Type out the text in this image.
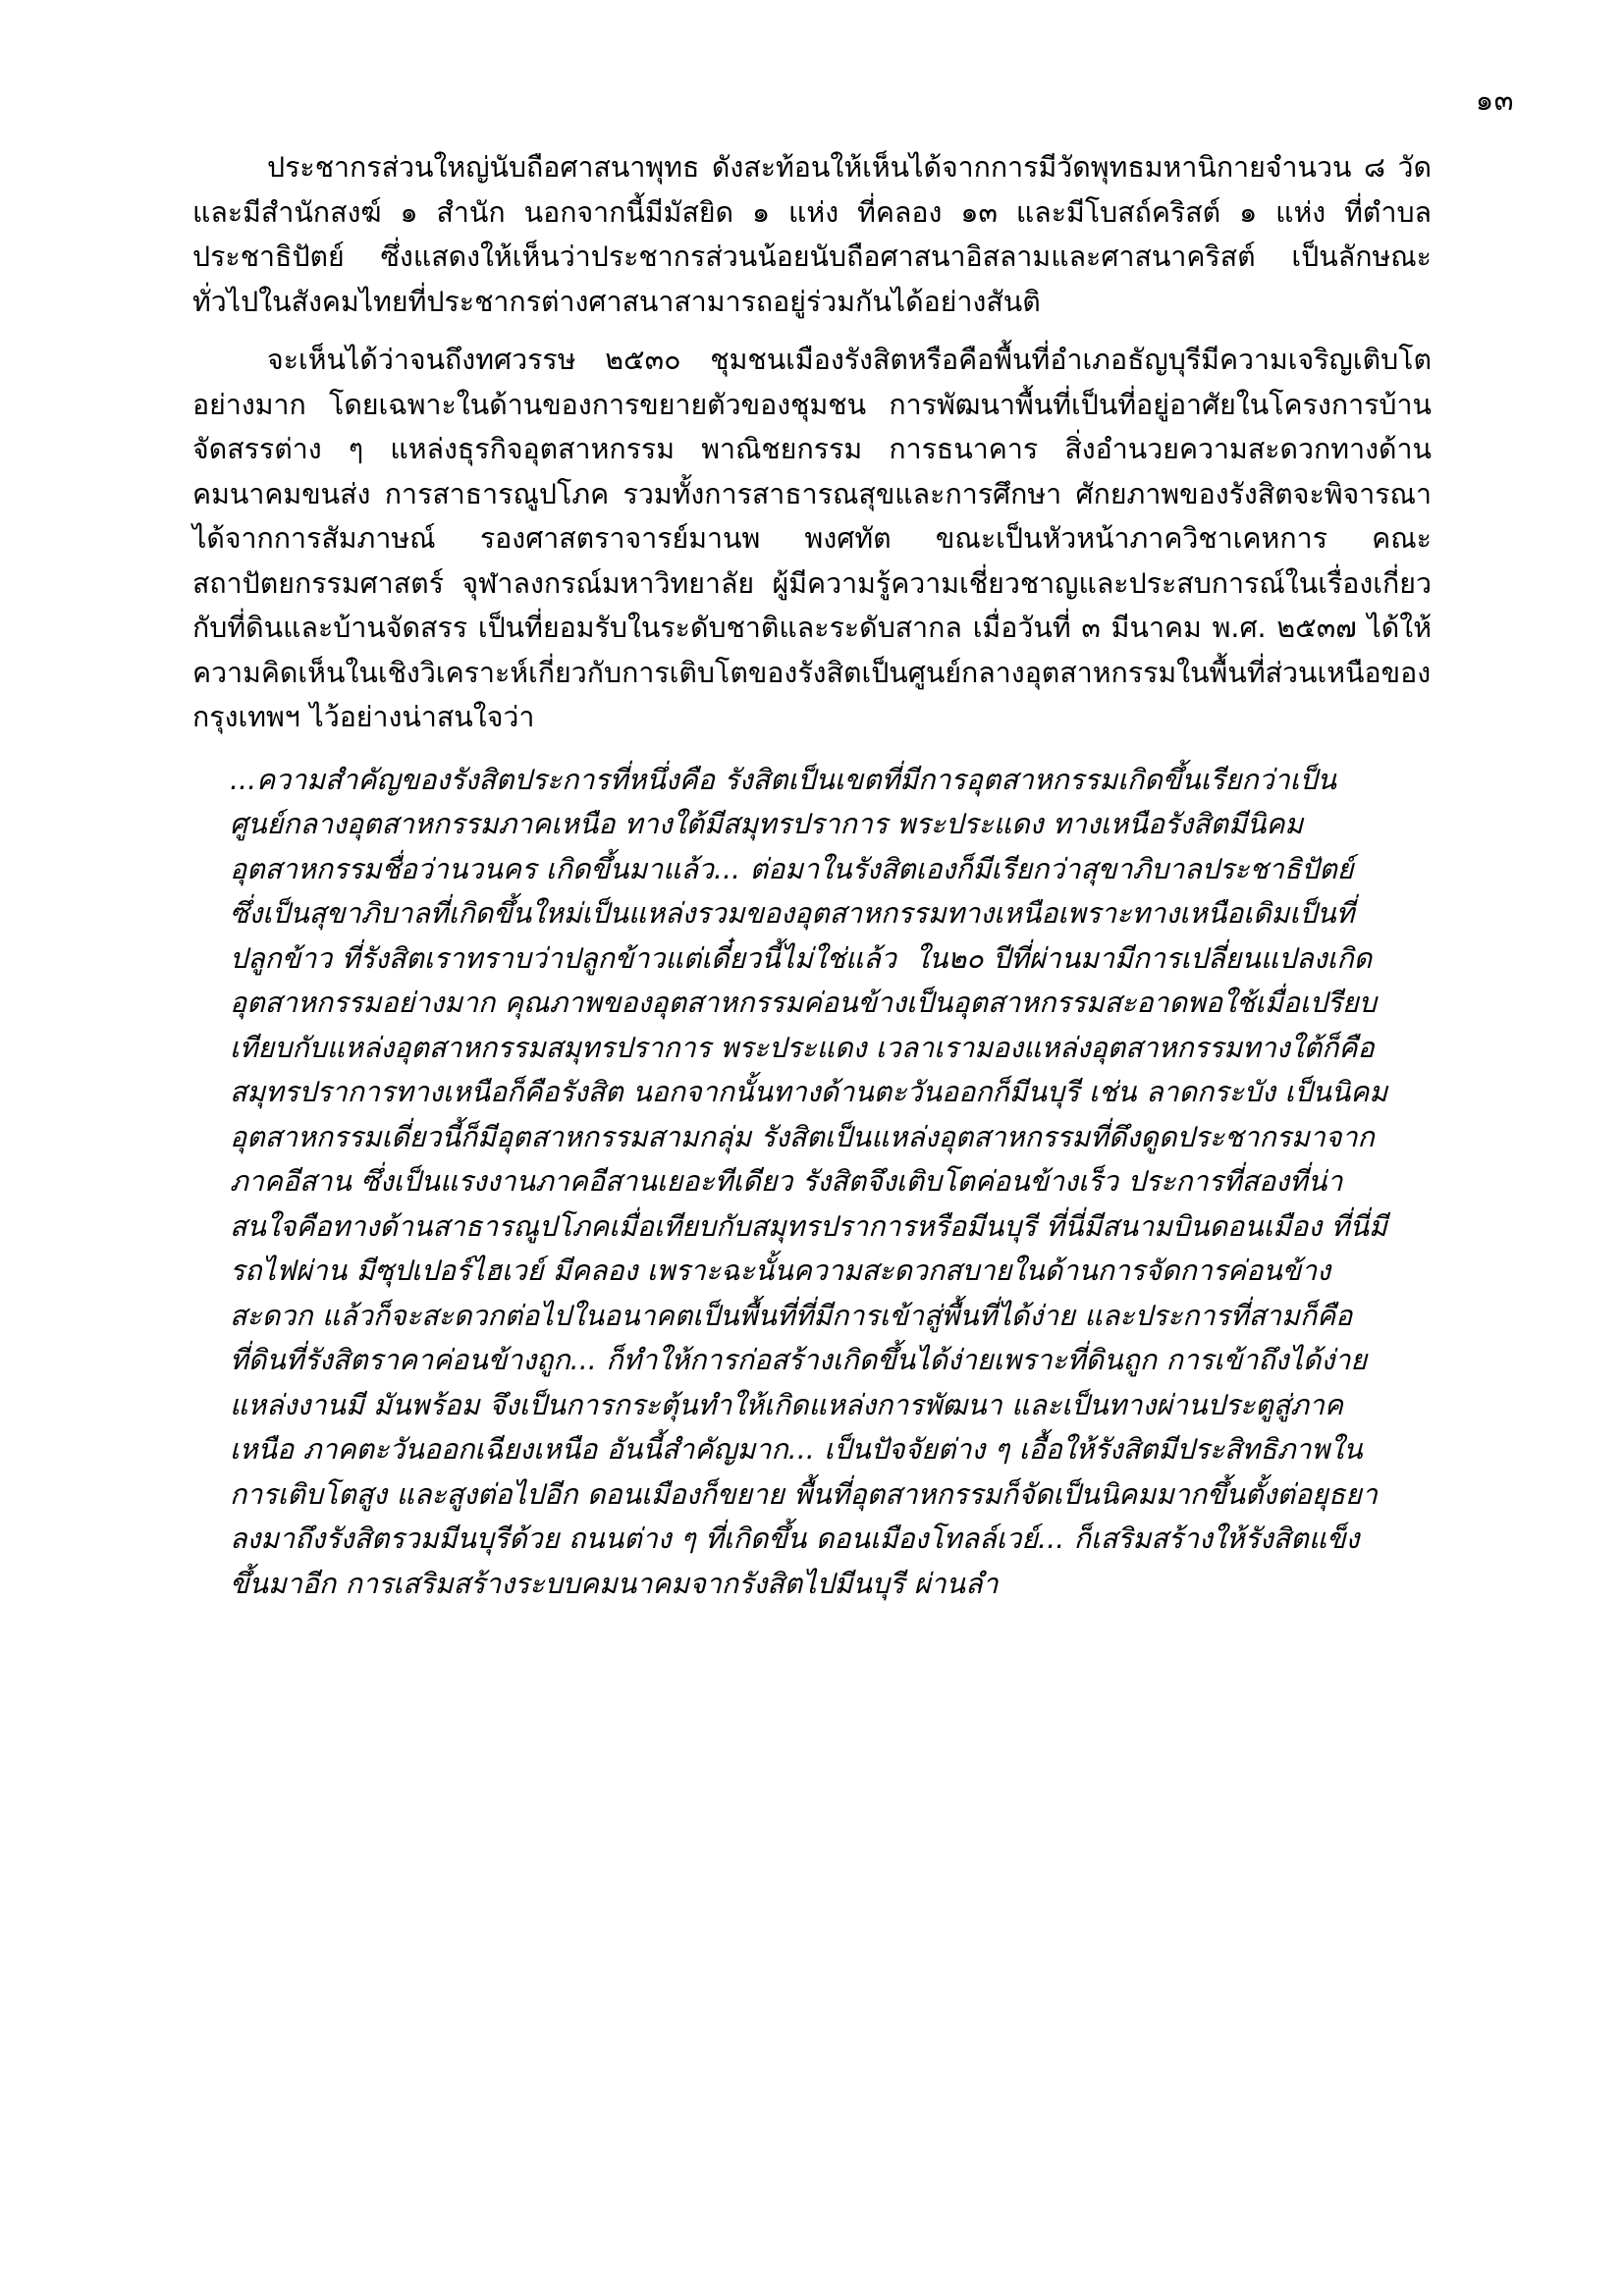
๑๓

ประชากรส่วนใหญ่นับถือศาสนาพุทธ ดังสะท้อนให้เห็นได้จากการมีวัดพุทธมหานิกายจำนวน ๘ วัด และมีสำนักสงฆ์ ๑ สำนัก นอกจากนี้มีมัสยิด ๑ แห่ง ที่คลอง ๑๓ และมีโบสถ์คริสต์ ๑ แห่ง ที่ตำบลประชาธิปัตย์ ซึ่งแสดงให้เห็นว่าประชากรส่วนน้อยนับถือศาสนาอิสลามและศาสนาคริสต์ เป็นลักษณะทั่วไปในสังคมไทยที่ประชากรต่างศาสนาสามารถอยู่ร่วมกันได้อย่างสันติ

จะเห็นได้ว่าจนถึงทศวรรษ ๒๕๓๐ ชุมชนเมืองรังสิตหรือคือพื้นที่อำเภอธัญบุรีมีความเจริญเติบโตอย่างมาก โดยเฉพาะในด้านของการขยายตัวของชุมชน การพัฒนาพื้นที่เป็นที่อยู่อาศัยในโครงการบ้านจัดสรรต่าง ๆ แหล่งธุรกิจอุตสาหกรรม พาณิชยกรรม การธนาคาร สิ่งอำนวยความสะดวกทางด้านคมนาคมขนส่ง การสาธารณูปโภค รวมทั้งการสาธารณสุขและการศึกษา ศักยภาพของรังสิตจะพิจารณาได้จากการสัมภาษณ์ รองศาสตราจารย์มานพ พงศทัต ขณะเป็นหัวหน้าภาควิชาเคหการ คณะสถาปัตยกรรมศาสตร์ จุฬาลงกรณ์มหาวิทยาลัย ผู้มีความรู้ความเชี่ยวชาญและประสบการณ์ในเรื่องเกี่ยวกับที่ดินและบ้านจัดสรร เป็นที่ยอมรับในระดับชาติและระดับสากล เมื่อวันที่ ๓ มีนาคม พ.ศ. ๒๕๓๗ ได้ให้ความคิดเห็นในเชิงวิเคราะห์เกี่ยวกับการเติบโตของรังสิตเป็นศูนย์กลางอุตสาหกรรมในพื้นที่ส่วนเหนือของกรุงเทพฯ ไว้อย่างน่าสนใจว่า

...ความสำคัญของรังสิตประการที่หนึ่งคือ รังสิตเป็นเขตที่มีการอุตสาหกรรมเกิดขึ้นเรียกว่าเป็นศูนย์กลางอุตสาหกรรมภาคเหนือ ทางใต้มีสมุทรปราการ พระประแดง ทางเหนือรังสิตมีนิคมอุตสาหกรรมชื่อว่านวนคร เกิดขึ้นมาแล้ว... ต่อมาในรังสิตเองก็มีเรียกว่าสุขาภิบาลประชาธิปัตย์ ซึ่งเป็นสุขาภิบาลที่เกิดขึ้นใหม่เป็นแหล่งรวมของอุตสาหกรรมทางเหนือเพราะทางเหนือเดิมเป็นที่ปลูกข้าว ที่รังสิตเราทราบว่าปลูกข้าวแต่เดี๋ยวนี้ไม่ใช่แล้ว  ใน๒๐ ปีที่ผ่านมามีการเปลี่ยนแปลงเกิดอุตสาหกรรมอย่างมาก คุณภาพของอุตสาหกรรมค่อนข้างเป็นอุตสาหกรรมสะอาดพอใช้เมื่อเปรียบเทียบกับแหล่งอุตสาหกรรมสมุทรปราการ พระประแดง เวลาเรามองแหล่งอุตสาหกรรมทางใต้ก็คือสมุทรปราการทางเหนือก็คือรังสิต นอกจากนั้นทางด้านตะวันออกก็มีนบุรี เช่น ลาดกระบัง เป็นนิคมอุตสาหกรรมเดี่ยวนี้ก็มีอุตสาหกรรมสามกลุ่ม รังสิตเป็นแหล่งอุตสาหกรรมที่ดึงดูดประชากรมาจากภาคอีสาน ซึ่งเป็นแรงงานภาคอีสานเยอะทีเดียว รังสิตจึงเติบโตค่อนข้างเร็ว ประการที่สองที่น่าสนใจคือทางด้านสาธารณูปโภคเมื่อเทียบกับสมุทรปราการหรือมีนบุรี ที่นี่มีสนามบินดอนเมือง ที่นี่มีรถไฟผ่าน มีซุปเปอร์ไฮเวย์ มีคลอง เพราะฉะนั้นความสะดวกสบายในด้านการจัดการค่อนข้างสะดวก แล้วก็จะสะดวกต่อไปในอนาคตเป็นพื้นที่ที่มีการเข้าสู่พื้นที่ได้ง่าย และประการที่สามก็คือที่ดินที่รังสิตราคาค่อนข้างถูก... ก็ทำให้การก่อสร้างเกิดขึ้นได้ง่ายเพราะที่ดินถูก การเข้าถึงได้ง่าย แหล่งงานมี มันพร้อม จึงเป็นการกระตุ้นทำให้เกิดแหล่งการพัฒนา และเป็นทางผ่านประตูสู่ภาคเหนือ ภาคตะวันออกเฉียงเหนือ อันนี้สำคัญมาก... เป็นปัจจัยต่าง ๆ เอื้อให้รังสิตมีประสิทธิภาพในการเติบโตสูง และสูงต่อไปอีก ดอนเมืองก็ขยาย พื้นที่อุตสาหกรรมก็จัดเป็นนิคมมากขึ้นตั้งต่อยุธยาลงมาถึงรังสิตรวมมีนบุรีด้วย ถนนต่าง ๆ ที่เกิดขึ้น ดอนเมืองโทลล์เวย์... ก็เสริมสร้างให้รังสิตแข็งขึ้นมาอีก การเสริมสร้างระบบคมนาคมจากรังสิตไปมีนบุรี ผ่านลำ
